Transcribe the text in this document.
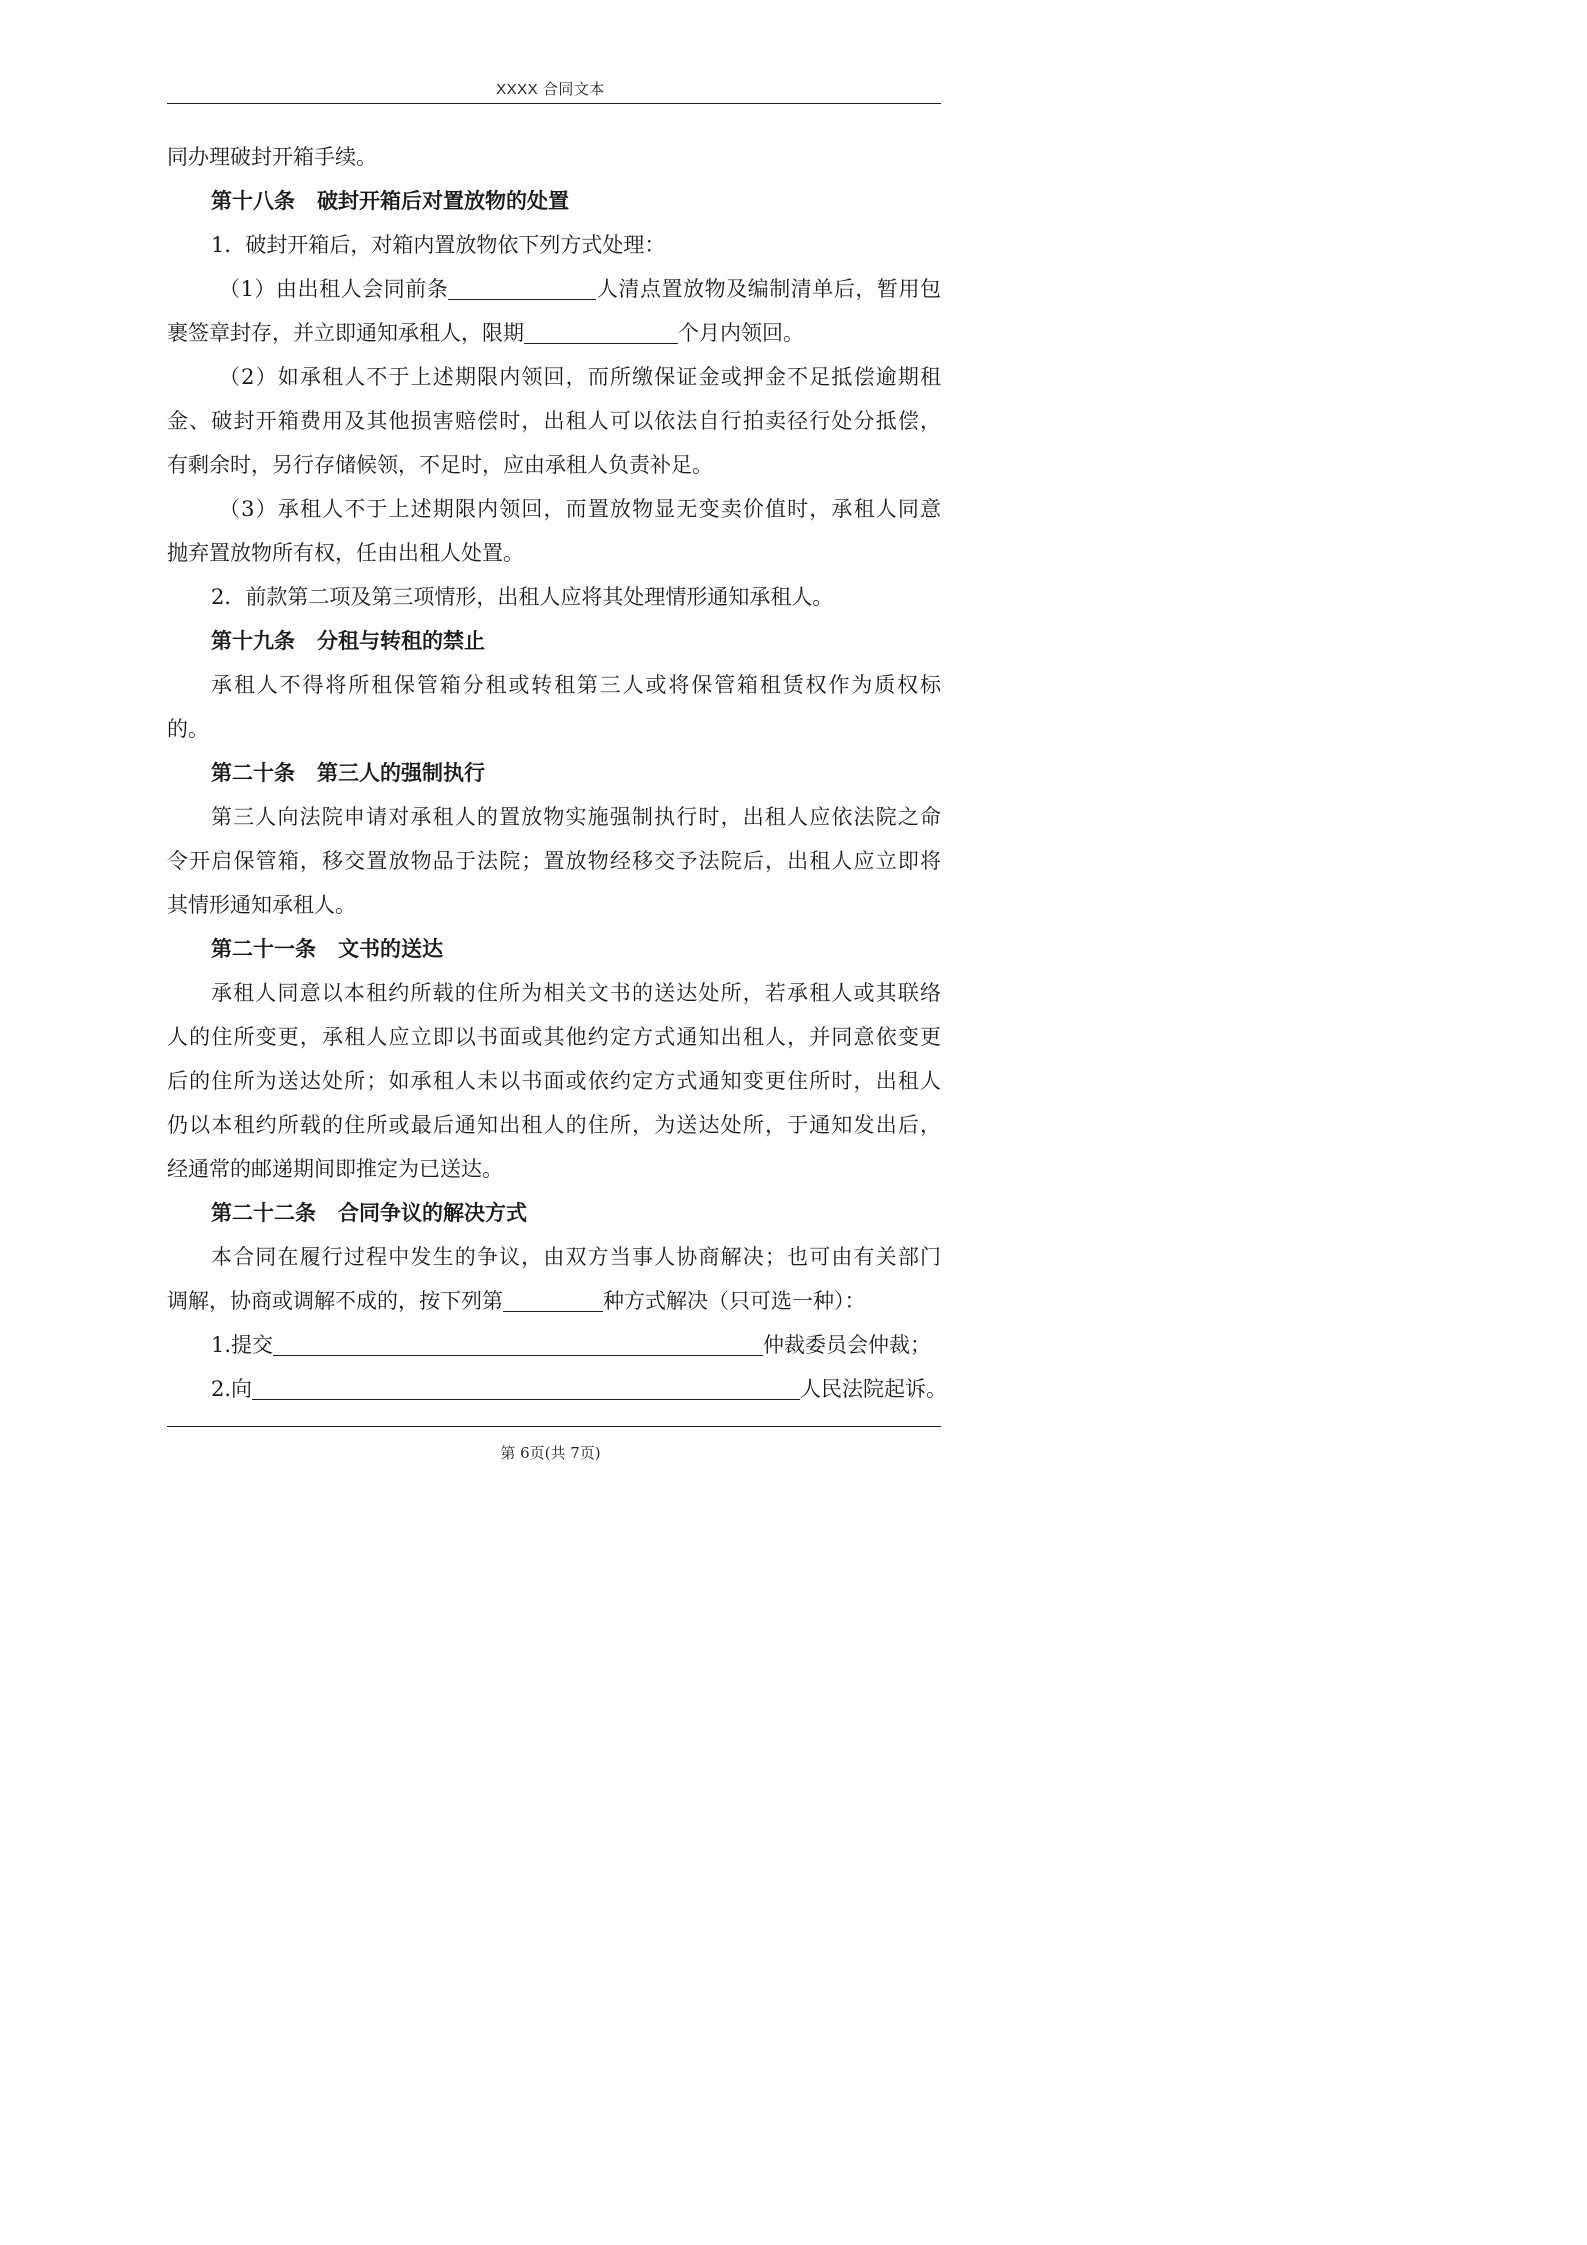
XXXX 合同文本
同办理破封开箱手续。
第十八条 破封开箱后对置放物的处置
1．破封开箱后，对箱内置放物依下列方式处理：
（1）由出租人会同前条	人清点置放物及编制清单后，暂用包
裹签章封存，并立即通知承租人，限期	个月内领回。
（2）如承租人不于上述期限内领回，而所缴保证金或押金不足抵偿逾期租
金、破封开箱费用及其他损害赔偿时，出租人可以依法自行拍卖径行处分抵偿，
有剩余时，另行存储候领，不足时，应由承租人负责补足。
（3）承租人不于上述期限内领回，而置放物显无变卖价值时，承租人同意
抛弃置放物所有权，任由出租人处置。
2．前款第二项及第三项情形，出租人应将其处理情形通知承租人。
第十九条 分租与转租的禁止
承租人不得将所租保管箱分租或转租第三人或将保管箱租赁权作为质权标
的。
第二十条 第三人的强制执行
第三人向法院申请对承租人的置放物实施强制执行时，出租人应依法院之命
令开启保管箱，移交置放物品于法院；置放物经移交予法院后，出租人应立即将
其情形通知承租人。
第二十一条 文书的送达
承租人同意以本租约所载的住所为相关文书的送达处所，若承租人或其联络
人的住所变更，承租人应立即以书面或其他约定方式通知出租人，并同意依变更
后的住所为送达处所；如承租人未以书面或依约定方式通知变更住所时，出租人
仍以本租约所载的住所或最后通知出租人的住所，为送达处所，于通知发出后，
经通常的邮递期间即推定为已送达。
第二十二条 合同争议的解决方式
本合同在履行过程中发生的争议，由双方当事人协商解决；也可由有关部门
调解，协商或调解不成的，按下列第	种方式解决（只可选一种）：
1.提交	仲裁委员会仲裁；
2.向	人民法院起诉。
第 6页(共 7页)
